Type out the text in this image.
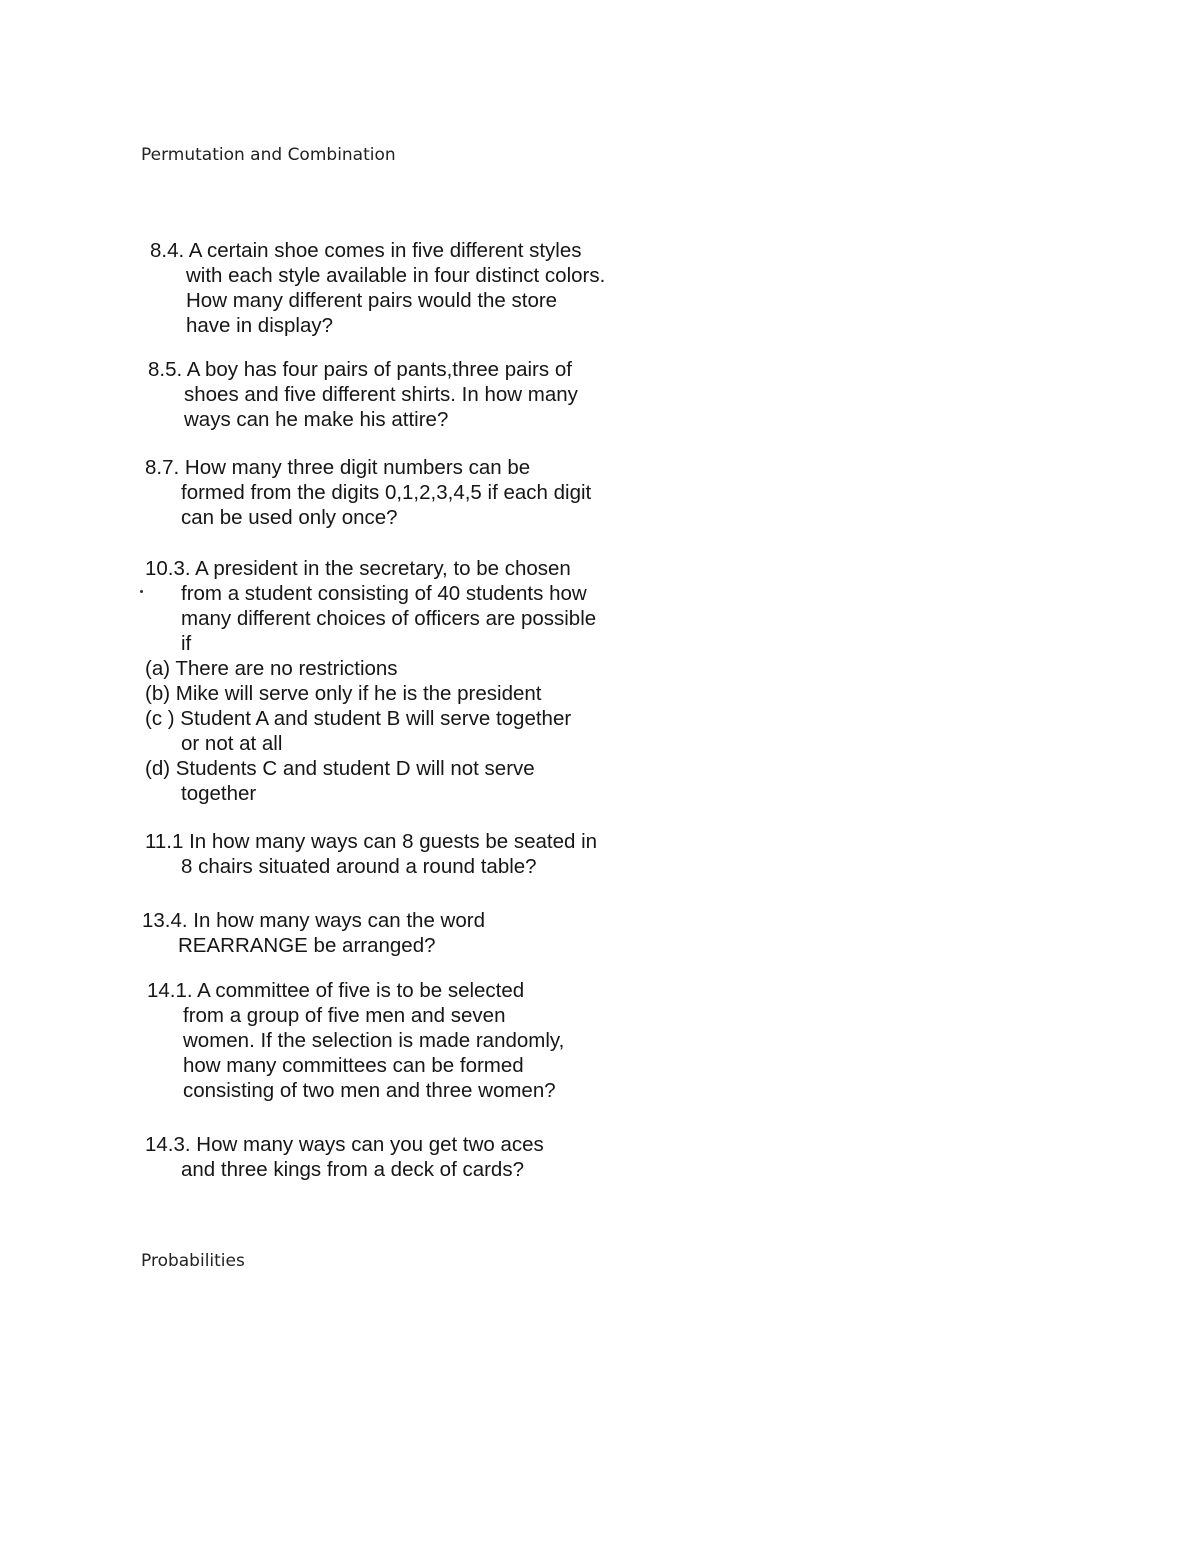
Permutation and Combination
8.4. A certain shoe comes in five different styles
with each style available in four distinct colors.
How many different pairs would the store
have in display?
8.5. A boy has four pairs of pants,three pairs of
shoes and five different shirts. In how many
ways can he make his attire?
8.7. How many three digit numbers can be
formed from the digits 0,1,2,3,4,5 if each digit
can be used only once?
10.3. A president in the secretary, to be chosen
from a student consisting of 40 students how
many different choices of officers are possible
if
(a) There are no restrictions
(b) Mike will serve only if he is the president
(c ) Student A and student B will serve together
or not at all
(d) Students C and student D will not serve
together
11.1 In how many ways can 8 guests be seated in
8 chairs situated around a round table?
13.4. In how many ways can the word
REARRANGE be arranged?
14.1. A committee of five is to be selected
from a group of five men and seven
women. If the selection is made randomly,
how many committees can be formed
consisting of two men and three women?
14.3. How many ways can you get two aces
and three kings from a deck of cards?
Probabilities
